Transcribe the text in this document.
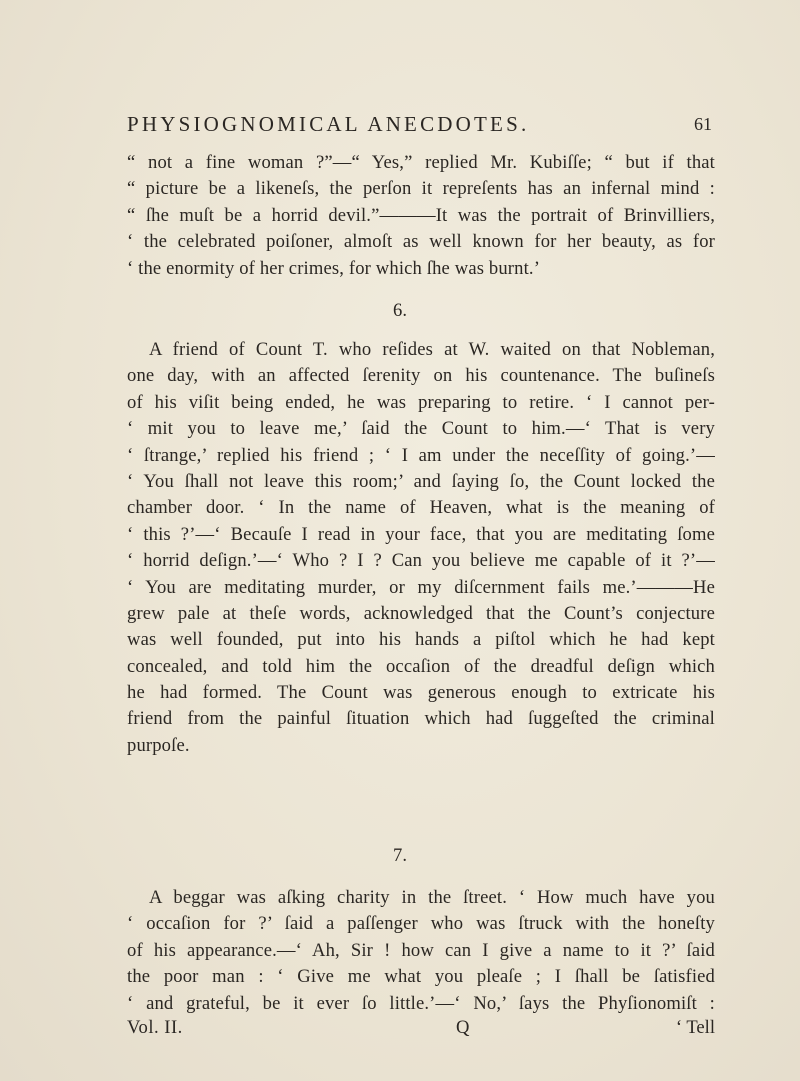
PHYSIOGNOMICAL ANECDOTES.	61
“ not a fine woman ?”—“ Yes,” replied Mr. Kubiſſe; “ but if that
“ picture be a likeneſs, the perſon it repreſents has an infernal mind :
“ ſhe muſt be a horrid devil.”———It was the portrait of Brinvilliers,
‘ the celebrated poiſoner, almoſt as well known for her beauty, as for
‘ the enormity of her crimes, for which ſhe was burnt.’
6.
A friend of Count T. who reſides at W. waited on that Nobleman,
one day, with an affected ſerenity on his countenance. The buſineſs
of his viſit being ended, he was preparing to retire. ‘ I cannot per-
‘ mit you to leave me,’ ſaid the Count to him.—‘ That is very
‘ ſtrange,’ replied his friend ; ‘ I am under the neceſſity of going.’—
‘ You ſhall not leave this room;’ and ſaying ſo, the Count locked the
chamber door. ‘ In the name of Heaven, what is the meaning of
‘ this ?’—‘ Becauſe I read in your face, that you are meditating ſome
‘ horrid deſign.’—‘ Who ? I ? Can you believe me capable of it ?’—
‘ You are meditating murder, or my diſcernment fails me.’———He
grew pale at theſe words, acknowledged that the Count’s conjecture
was well founded, put into his hands a piſtol which he had kept
concealed, and told him the occaſion of the dreadful deſign which
he had formed. The Count was generous enough to extricate his
friend from the painful ſituation which had ſuggeſted the criminal
purpoſe.
7.
A beggar was aſking charity in the ſtreet. ‘ How much have you
‘ occaſion for ?’ ſaid a paſſenger who was ſtruck with the honeſty
of his appearance.—‘ Ah, Sir ! how can I give a name to it ?’ ſaid
the poor man : ‘ Give me what you pleaſe ; I ſhall be ſatisfied
‘ and grateful, be it ever ſo little.’—‘ No,’ ſays the Phyſionomiſt :
Vol. II.	Q	‘ Tell
